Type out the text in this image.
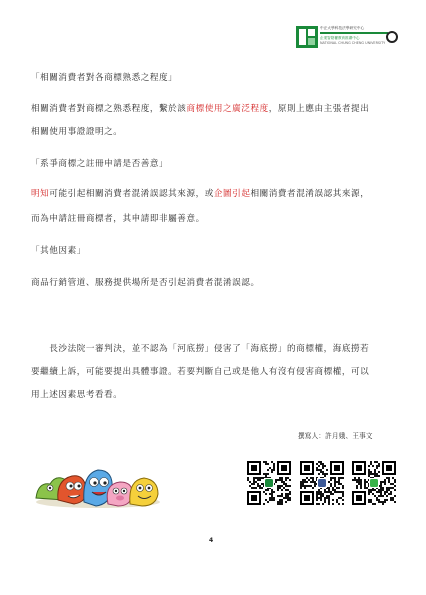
中正大學科技法學研究中心
企業智財權教育推廣中心
NATIONAL CHUNG CHENG UNIVERSITY
「相關消費者對各商標熟悉之程度」
相關消費者對商標之熟悉程度，繫於該商標使用之廣泛程度，原則上應由主張者提出
相關使用事證證明之。
「系爭商標之註冊申請是否善意」
明知可能引起相關消費者混淆誤認其來源，或企圖引起相關消費者混淆誤認其來源，
而為申請註冊商標者，其申請即非屬善意。
「其他因素」
商品行銷管道、服務提供場所是否引起消費者混淆誤認。
　　長沙法院一審判決，並不認為「河底撈」侵害了「海底撈」的商標權，海底撈若
要繼續上訴，可能要提出具體事證。若要判斷自己或是他人有沒有侵害商標權，可以
用上述因素思考看看。
撰寫人：許月娥、王事文
4
